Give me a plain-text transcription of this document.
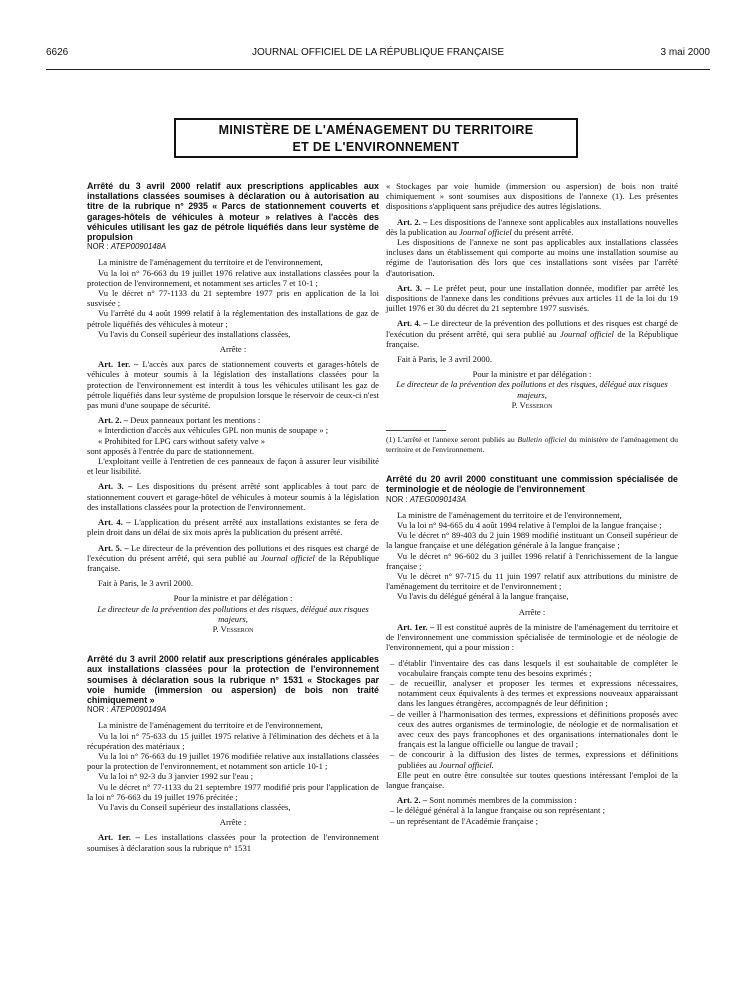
6626	JOURNAL OFFICIEL DE LA RÉPUBLIQUE FRANÇAISE	3 mai 2000
MINISTÈRE DE L'AMÉNAGEMENT DU TERRITOIRE
ET DE L'ENVIRONNEMENT

Arrêté du 3 avril 2000 relatif aux prescriptions applicables aux installations classées soumises à déclaration ou à autorisation au titre de la rubrique n° 2935 « Parcs de stationnement couverts et garages-hôtels de véhicules à moteur » relatives à l'accès des véhicules utilisant les gaz de pétrole liquéfiés dans leur système de propulsion

NOR : ATEP0090148A

La ministre de l'aménagement du territoire et de l'environnement,

Vu la loi n° 76-663 du 19 juillet 1976 relative aux installations classées pour la protection de l'environnement, et notamment ses articles 7 et 10-1 ;

Vu le décret n° 77-1133 du 21 septembre 1977 pris en application de la loi susvisée ;

Vu l'arrêté du 4 août 1999 relatif à la réglementation des installations de gaz de pétrole liquéfiés des véhicules à moteur ;

Vu l'avis du Conseil supérieur des installations classées,

Arrête :

Art. 1er. – L'accès aux parcs de stationnement couverts et garages-hôtels de véhicules à moteur soumis à la législation des installations classées pour la protection de l'environnement est interdit à tous les véhicules utilisant les gaz de pétrole liquéfiés dans leur système de propulsion lorsque le réservoir de ceux-ci n'est pas muni d'une soupape de sécurité.

Art. 2. – Deux panneaux portant les mentions :

« Interdiction d'accès aux véhicules GPL non munis de soupape » ;

« Prohibited for LPG cars without safety valve »

sont apposés à l'entrée du parc de stationnement.

L'exploitant veille à l'entretien de ces panneaux de façon à assurer leur visibilité et leur lisibilité.

Art. 3. – Les dispositions du présent arrêté sont applicables à tout parc de stationnement couvert et garage-hôtel de véhicules à moteur soumis à la législation des installations classées pour la protection de l'environnement.

Art. 4. – L'application du présent arrêté aux installations existantes se fera de plein droit dans un délai de six mois après la publication du présent arrêté.

Art. 5. – Le directeur de la prévention des pollutions et des risques est chargé de l'exécution du présent arrêté, qui sera publié au Journal officiel de la République française.

Fait à Paris, le 3 avril 2000.

Pour la ministre et par délégation :

Le directeur de la prévention des pollutions et des risques, délégué aux risques majeurs,

P. Vesseron

Arrêté du 3 avril 2000 relatif aux prescriptions générales applicables aux installations classées pour la protection de l'environnement soumises à déclaration sous la rubrique n° 1531 « Stockages par voie humide (immersion ou aspersion) de bois non traité chimiquement »

NOR : ATEP0090149A

La ministre de l'aménagement du territoire et de l'environnement,

Vu la loi n° 75-633 du 15 juillet 1975 relative à l'élimination des déchets et à la récupération des matériaux ;

Vu la loi n° 76-663 du 19 juillet 1976 modifiée relative aux installations classées pour la protection de l'environnement, et notamment son article 10-1 ;

Vu la loi n° 92-3 du 3 janvier 1992 sur l'eau ;

Vu le décret n° 77-1133 du 21 septembre 1977 modifié pris pour l'application de la loi n° 76-663 du 19 juillet 1976 précitée ;

Vu l'avis du Conseil supérieur des installations classées,

Arrête :

Art. 1er. – Les installations classées pour la protection de l'environnement soumises à déclaration sous la rubrique n° 1531

« Stockages par voie humide (immersion ou aspersion) de bois non traité chimiquement » sont soumises aux dispositions de l'annexe (1). Les présentes dispositions s'appliquent sans préjudice des autres législations.

Art. 2. – Les dispositions de l'annexe sont applicables aux installations nouvelles dès la publication au Journal officiel du présent arrêté.

Les dispositions de l'annexe ne sont pas applicables aux installations classées incluses dans un établissement qui comporte au moins une installation soumise au régime de l'autorisation dès lors que ces installations sont visées par l'arrêté d'autorisation.

Art. 3. – Le préfet peut, pour une installation donnée, modifier par arrêté les dispositions de l'annexe dans les conditions prévues aux articles 11 de la loi du 19 juillet 1976 et 30 du décret du 21 septembre 1977 susvisés.

Art. 4. – Le directeur de la prévention des pollutions et des risques est chargé de l'exécution du présent arrêté, qui sera publié au Journal officiel de la République française.

Fait à Paris, le 3 avril 2000.

Pour la ministre et par délégation :

Le directeur de la prévention des pollutions et des risques, délégué aux risques majeurs,

P. Vesseron

(1) L'arrêté et l'annexe seront publiés au Bulletin officiel du ministère de l'aménagement du territoire et de l'environnement.

Arrêté du 20 avril 2000 constituant une commission spécialisée de terminologie et de néologie de l'environnement

NOR : ATEG0090143A

La ministre de l'aménagement du territoire et de l'environnement,

Vu la loi n° 94-665 du 4 août 1994 relative à l'emploi de la langue française ;

Vu le décret n° 89-403 du 2 juin 1989 modifié instituant un Conseil supérieur de la langue française et une délégation générale à la langue française ;

Vu le décret n° 96-602 du 3 juillet 1996 relatif à l'enrichissement de la langue française ;

Vu le décret n° 97-715 du 11 juin 1997 relatif aux attributions du ministre de l'aménagement du territoire et de l'environnement ;

Vu l'avis du délégué général à la langue française,

Arrête :

Art. 1er. – Il est constitué auprès de la ministre de l'aménagement du territoire et de l'environnement une commission spécialisée de terminologie et de néologie de l'environnement, qui a pour mission :

– d'établir l'inventaire des cas dans lesquels il est souhaitable de compléter le vocabulaire français compte tenu des besoins exprimés ;

– de recueillir, analyser et proposer les termes et expressions nécessaires, notamment ceux équivalents à des termes et expressions nouveaux apparaissant dans les langues étrangères, accompagnés de leur définition ;

– de veiller à l'harmonisation des termes, expressions et définitions proposés avec ceux des autres organismes de terminologie, de néologie et de normalisation et avec ceux des pays francophones et des organisations internationales dont le français est la langue officielle ou langue de travail ;

– de concourir à la diffusion des listes de termes, expressions et définitions publiées au Journal officiel.

Elle peut en outre être consultée sur toutes questions intéressant l'emploi de la langue française.

Art. 2. – Sont nommés membres de la commission :

– le délégué général à la langue française ou son représentant ;

– un représentant de l'Académie française ;
